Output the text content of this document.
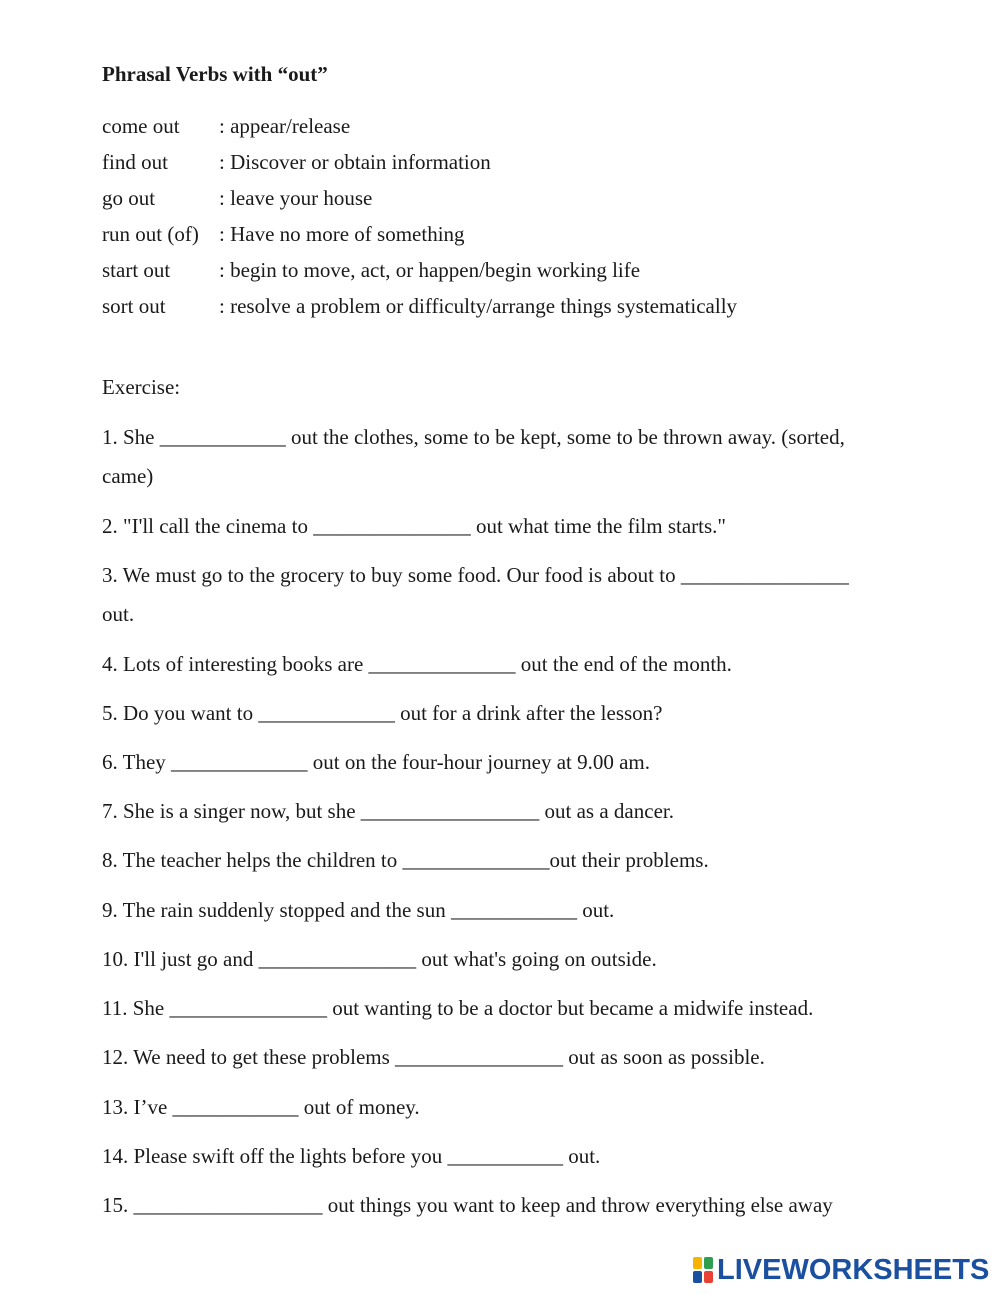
Phrasal Verbs with “out”
come out	: appear/release
find out	: Discover or obtain information
go out	: leave your house
run out (of) : Have no more of something
start out	: begin to move, act, or happen/begin working life
sort out	: resolve a problem or difficulty/arrange things systematically
Exercise:
1. She ____________ out the clothes, some to be kept, some to be thrown away. (sorted,
came)
2. "I'll call the cinema to _______________ out what time the film starts."
3. We must go to the grocery to buy some food. Our food is about to ________________
out.
4. Lots of interesting books are ______________ out the end of the month.
5. Do you want to _____________ out for a drink after the lesson?
6. They _____________ out on the four-hour journey at 9.00 am.
7. She is a singer now, but she _________________ out as a dancer.
8. The teacher helps the children to ______________out their problems.
9. The rain suddenly stopped and the sun ____________ out.
10. I'll just go and _______________ out what's going on outside.
11. She _______________ out wanting to be a doctor but became a midwife instead.
12. We need to get these problems ________________ out as soon as possible.
13. I’ve ____________ out of money.
14. Please swift off the lights before you ___________ out.
15. __________________ out things you want to keep and throw everything else away
LIVEWORKSHEETS
